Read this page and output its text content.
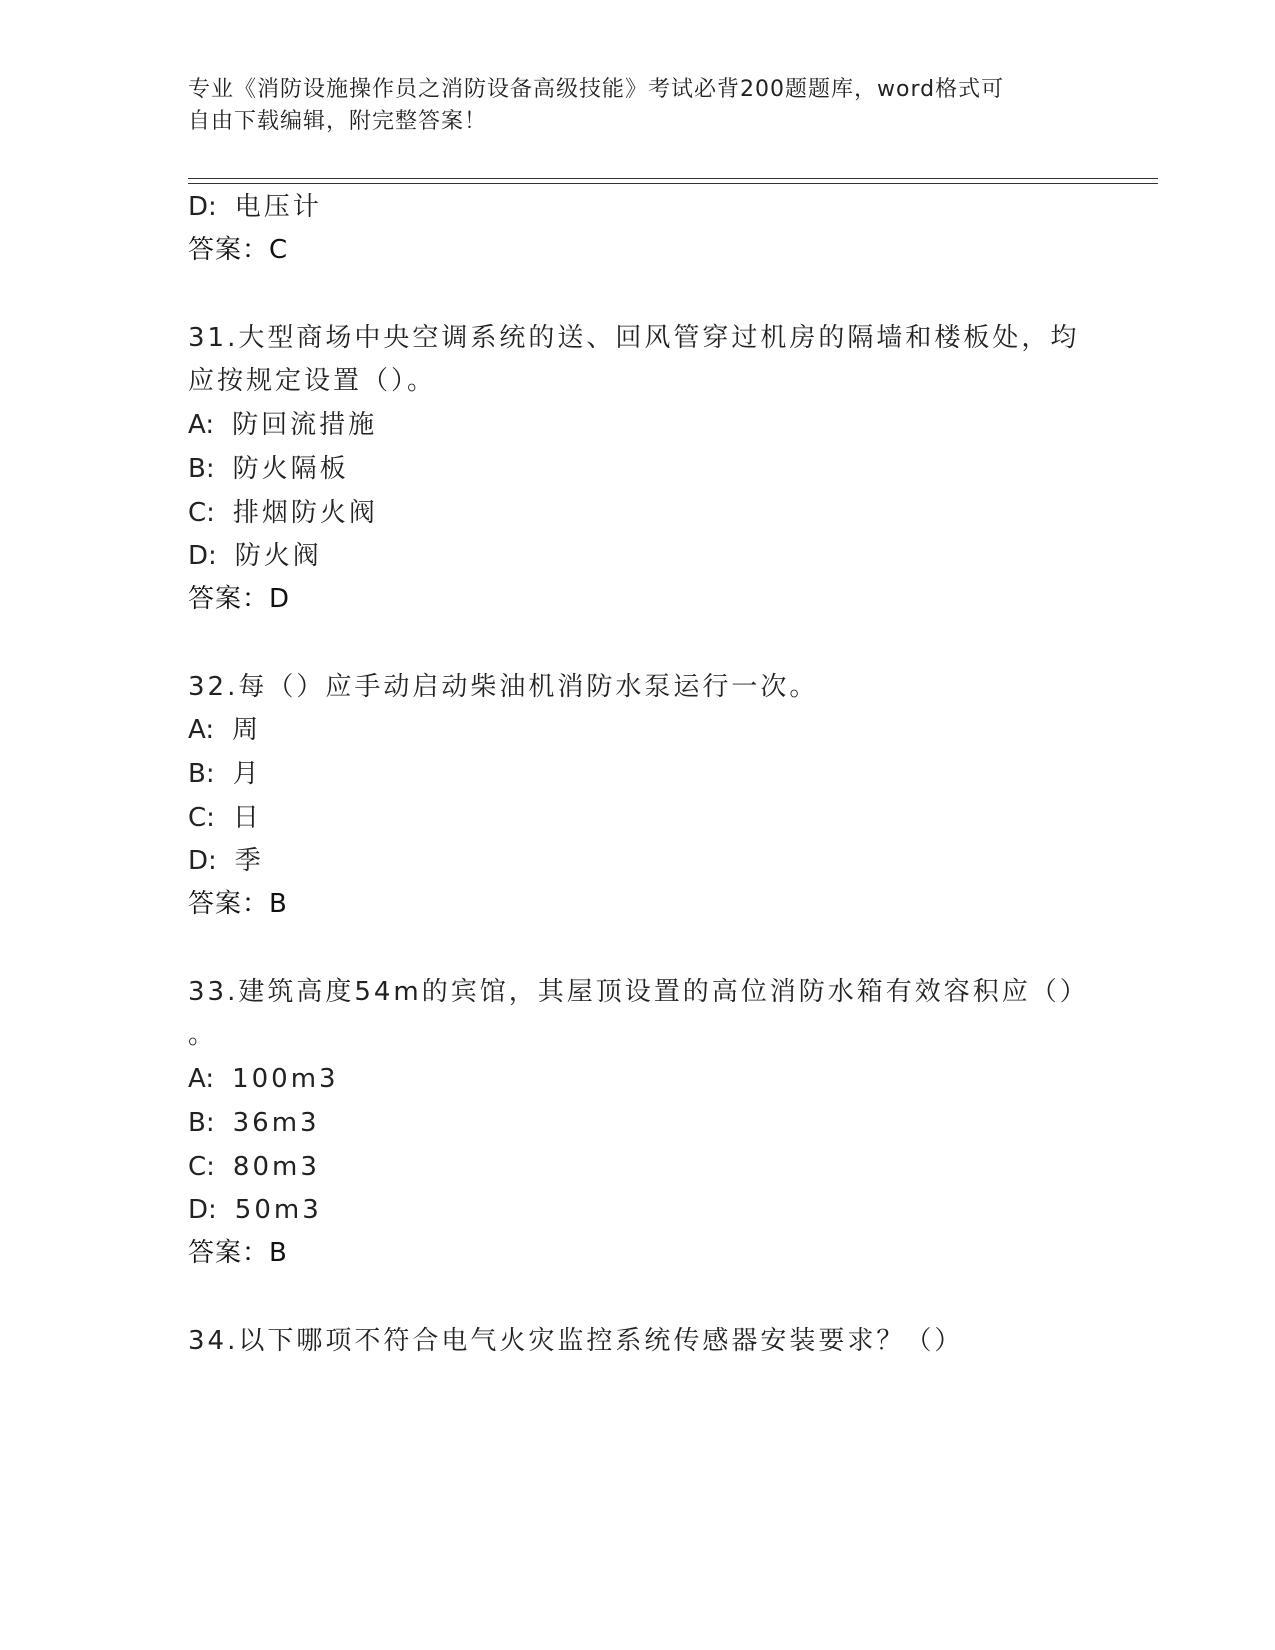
专业《消防设施操作员之消防设备高级技能》考试必背200题题库，word格式可
自由下载编辑，附完整答案！
D: 电压计
答案：C
31.大型商场中央空调系统的送、回风管穿过机房的隔墙和楼板处，均
应按规定设置（）。
A: 防回流措施
B: 防火隔板
C: 排烟防火阀
D: 防火阀
答案：D
32.每（）应手动启动柴油机消防水泵运行一次。
A: 周
B: 月
C: 日
D: 季
答案：B
33.建筑高度54m的宾馆，其屋顶设置的高位消防水箱有效容积应（）
。
A: 100m3
B: 36m3
C: 80m3
D: 50m3
答案：B
34.以下哪项不符合电气火灾监控系统传感器安装要求？（）
